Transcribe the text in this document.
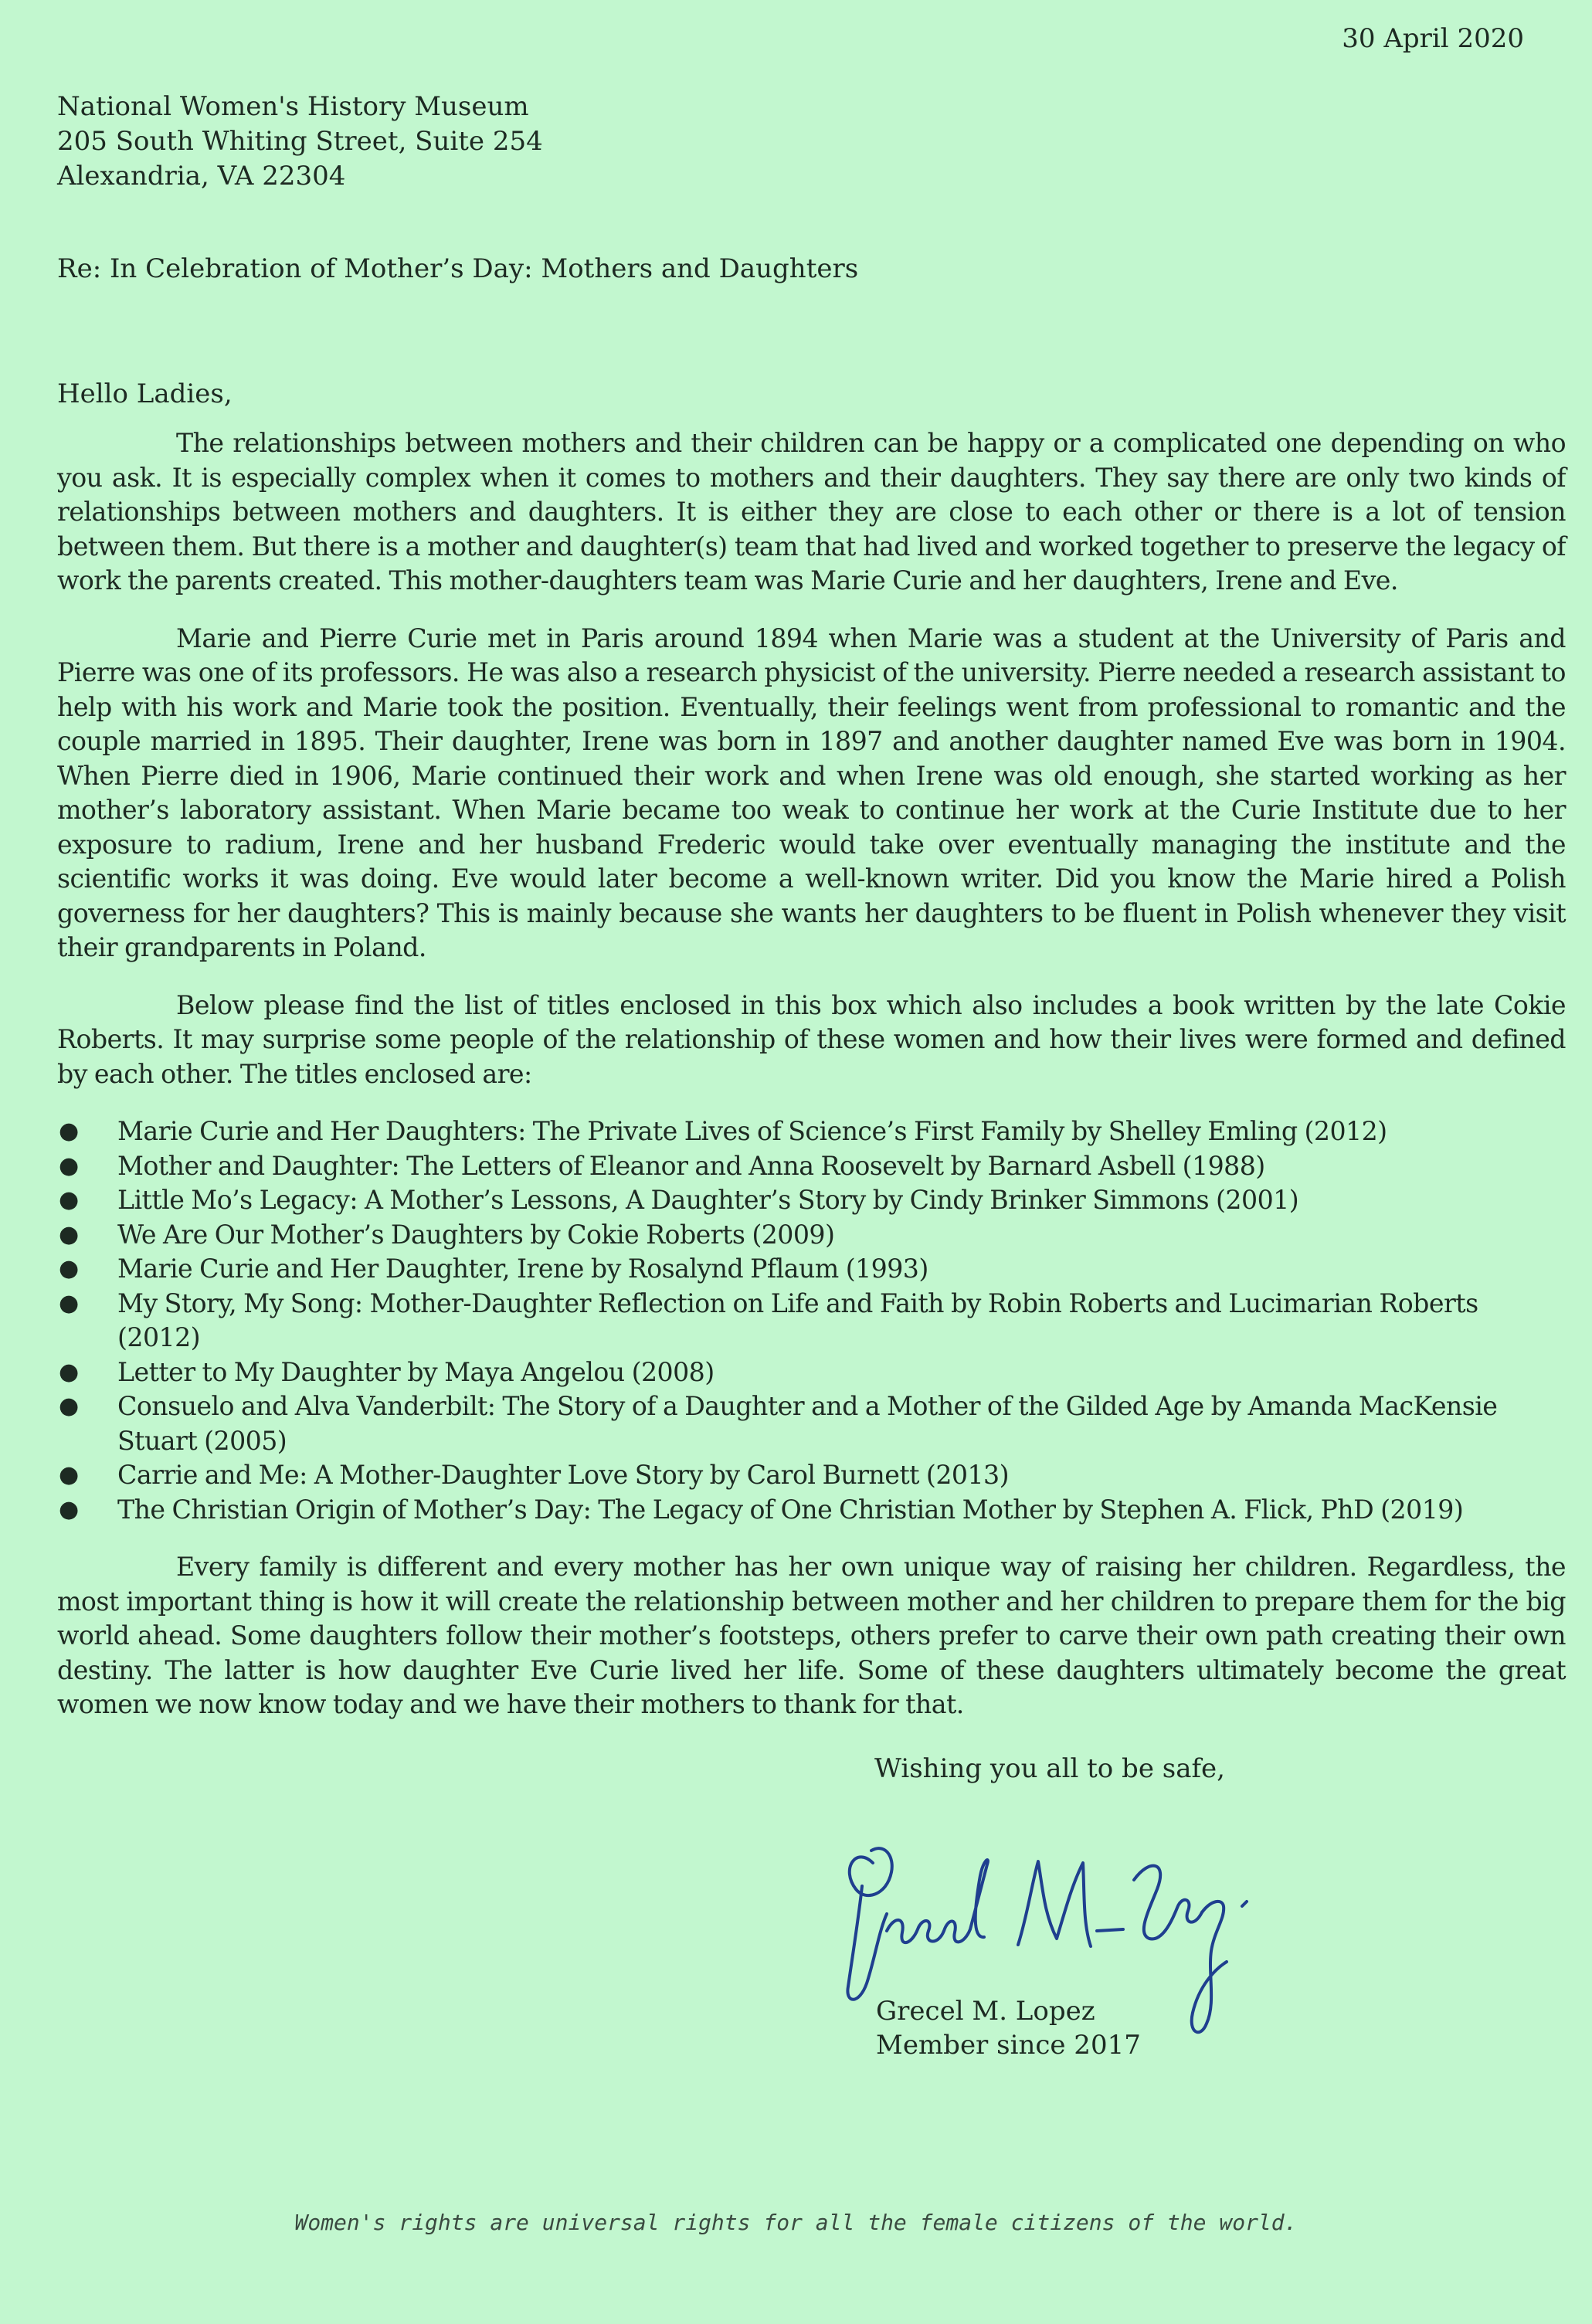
30 April 2020
National Women's History Museum
205 South Whiting Street, Suite 254
Alexandria, VA 22304
Re: In Celebration of Mother’s Day: Mothers and Daughters
Hello Ladies,

The relationships between mothers and their children can be happy or a complicated one depending on who you ask. It is especially complex when it comes to mothers and their daughters. They say there are only two kinds of relationships between mothers and daughters. It is either they are close to each other or there is a lot of tension between them. But there is a mother and daughter(s) team that had lived and worked together to preserve the legacy of work the parents created. This mother-daughters team was Marie Curie and her daughters, Irene and Eve.

Marie and Pierre Curie met in Paris around 1894 when Marie was a student at the University of Paris and Pierre was one of its professors. He was also a research physicist of the university. Pierre needed a research assistant to help with his work and Marie took the position. Eventually, their feelings went from professional to romantic and the couple married in 1895. Their daughter, Irene was born in 1897 and another daughter named Eve was born in 1904. When Pierre died in 1906, Marie continued their work and when Irene was old enough, she started working as her mother’s laboratory assistant. When Marie became too weak to continue her work at the Curie Institute due to her exposure to radium, Irene and her husband Frederic would take over eventually managing the institute and the scientific works it was doing. Eve would later become a well-known writer. Did you know the Marie hired a Polish governess for her daughters? This is mainly because she wants her daughters to be fluent in Polish whenever they visit their grandparents in Poland.

Below please find the list of titles enclosed in this box which also includes a book written by the late Cokie Roberts. It may surprise some people of the relationship of these women and how their lives were formed and defined by each other. The titles enclosed are:

● Marie Curie and Her Daughters: The Private Lives of Science’s First Family by Shelley Emling (2012)
● Mother and Daughter: The Letters of Eleanor and Anna Roosevelt by Barnard Asbell (1988)
● Little Mo’s Legacy: A Mother’s Lessons, A Daughter’s Story by Cindy Brinker Simmons (2001)
● We Are Our Mother’s Daughters by Cokie Roberts (2009)
● Marie Curie and Her Daughter, Irene by Rosalynd Pflaum (1993)
● My Story, My Song: Mother-Daughter Reflection on Life and Faith by Robin Roberts and Lucimarian Roberts (2012)
● Letter to My Daughter by Maya Angelou (2008)
● Consuelo and Alva Vanderbilt: The Story of a Daughter and a Mother of the Gilded Age by Amanda MacKensie Stuart (2005)
● Carrie and Me: A Mother-Daughter Love Story by Carol Burnett (2013)
● The Christian Origin of Mother’s Day: The Legacy of One Christian Mother by Stephen A. Flick, PhD (2019)

Every family is different and every mother has her own unique way of raising her children. Regardless, the most important thing is how it will create the relationship between mother and her children to prepare them for the big world ahead. Some daughters follow their mother’s footsteps, others prefer to carve their own path creating their own destiny. The latter is how daughter Eve Curie lived her life. Some of these daughters ultimately become the great women we now know today and we have their mothers to thank for that.

Wishing you all to be safe,
Grecel M. Lopez
Member since 2017
Women's rights are universal rights for all the female citizens of the world.
